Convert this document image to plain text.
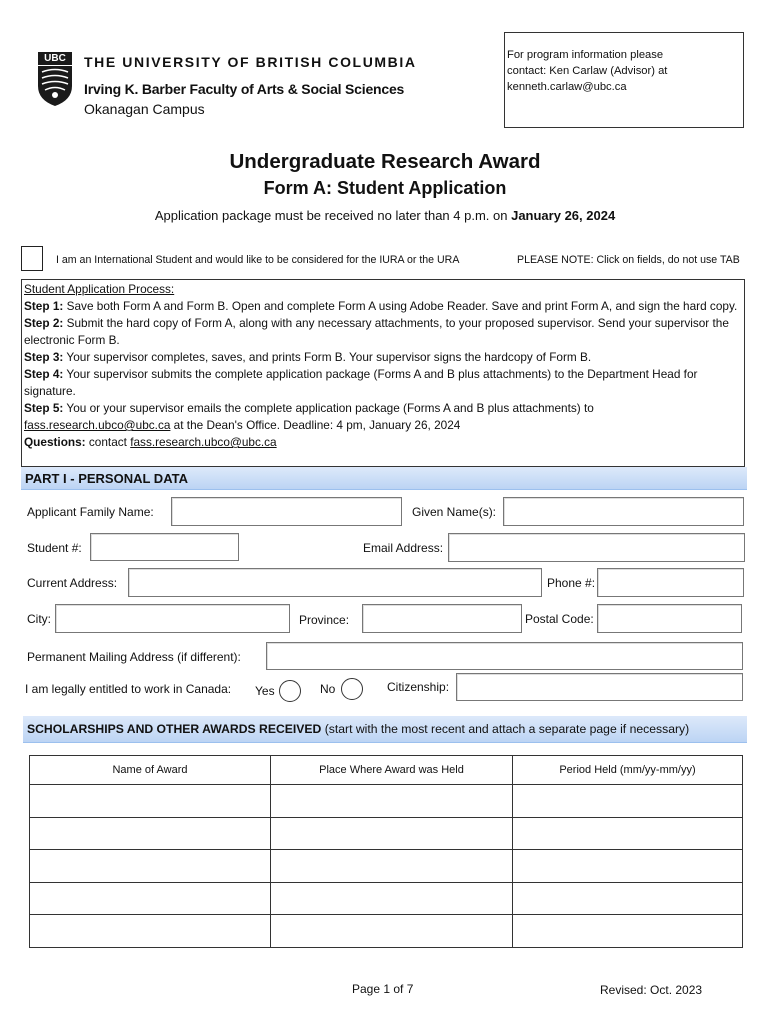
UBC	THE UNIVERSITY OF BRITISH COLUMBIA
Irving K. Barber Faculty of Arts & Social Sciences
Okanagan Campus
For program information please
contact: Ken Carlaw (Advisor) at
kenneth.carlaw@ubc.ca
Undergraduate Research Award
Form A: Student Application
Application package must be received no later than 4 p.m. on January 26, 2024
I am an International Student and would like to be considered for the IURA or the URA	PLEASE NOTE: Click on fields, do not use TAB

Student Application Process:

Step 1: Save both Form A and Form B. Open and complete Form A using Adobe Reader. Save and print Form A, and sign the hard copy.

Step 2: Submit the hard copy of Form A, along with any necessary attachments, to your proposed supervisor. Send your supervisor the electronic Form B.

Step 3: Your supervisor completes, saves, and prints Form B. Your supervisor signs the hardcopy of Form B.

Step 4: Your supervisor submits the complete application package (Forms A and B plus attachments) to the Department Head for signature.

Step 5: You or your supervisor emails the complete application package (Forms A and B plus attachments) to fass.research.ubco@ubc.ca at the Dean's Office. Deadline: 4 pm, January 26, 2024

Questions: contact fass.research.ubco@ubc.ca

PART I - PERSONAL DATA
Applicant Family Name:	Given Name(s):
Student #:	Email Address:
Current Address:	Phone #:
City:	Province:	Postal Code:
Permanent Mailing Address (if different):
I am legally entitled to work in Canada: Yes	No	Citizenship:
SCHOLARSHIPS AND OTHER AWARDS RECEIVED (start with the most recent and attach a separate page if necessary)
Name of Award	Place Where Award was Held	Period Held (mm/yy-mm/yy)

Page 1 of 7	Revised: Oct. 2023
